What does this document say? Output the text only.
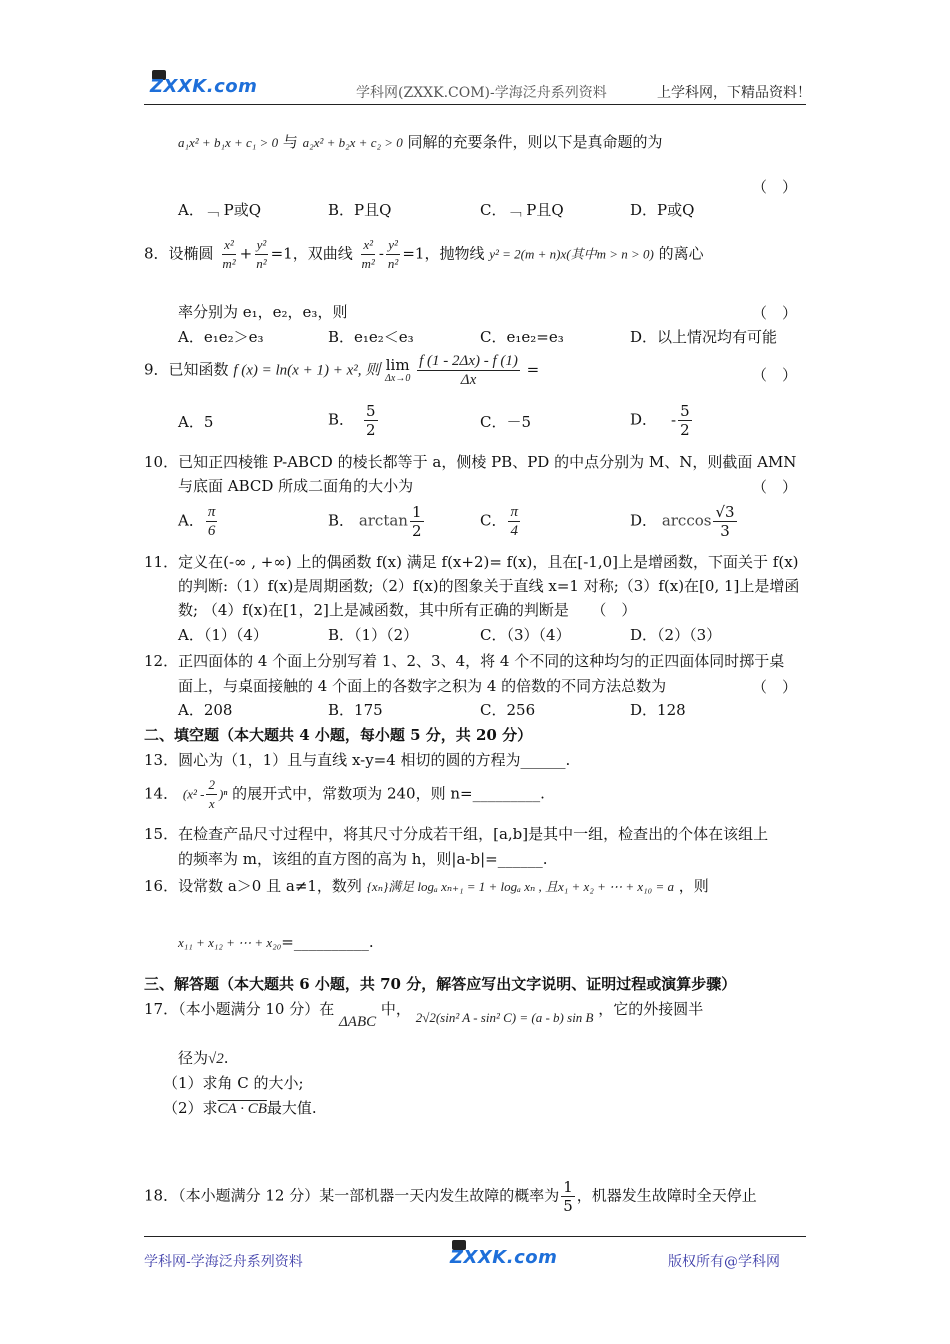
ZXXK.com	学科网(ZXXK.COM)-学海泛舟系列资料	上学科网，下精品资料！
a₁x² + b₁x + c₁ > 0 与 a₂x² + b₂x + c₂ > 0 同解的充要条件，则以下是真命题的为
（　）
A．﹁ P或Q	B．P且Q	C．﹁ P且Q	D．P或Q
8．设椭圆 $\frac{\text{x²}}{\text{m²}} + \frac{\text{y²}}{\text{n²}} =1$，双曲线 $\frac{\text{x²}}{\text{m²}} - \frac{\text{y²}}{\text{n²}} =1$，抛物线 y² = 2(m + n)x(其中m > n > 0) 的离心
率分别为 e₁，e₂，e₃，则	（　）
A．e₁e₂＞e₃	B．e₁e₂＜e₃	C．e₁e₂=e₃	D．以上情况均有可能
9．已知函数 f (x) = ln(x + 1) + x², 则 lim
Δx→0
$\frac{f (1 - 2\Delta x) - f (1)}{\Delta x}$ =	（　）
A．5	B． $\frac{5}{2}$	C．－5	D． - $\frac{5}{2}$
10．已知正四棱锥 P-ABCD 的棱长都等于 a，侧棱 PB、PD 的中点分别为 M、N，则截面 AMN
与底面 ABCD 所成二面角的大小为	（　）
A． $\frac{\pi}{6}$	B． $\arctan \frac{1}{2}$	C． $\frac{\pi}{4}$	D． $\arccos \frac{√3}{3}$
11．定义在(-∞ , +∞) 上的偶函数 f(x) 满足 f(x+2)= f(x)，且在[-1,0]上是增函数，下面关于 f(x)
的判断:（1）f(x)是周期函数;（2）f(x)的图象关于直线 x=1 对称;（3）f(x)在[0, 1]上是增函
数; （4）f(x)在[1，2]上是减函数，其中所有正确的判断是　　（　）
A．（1）（4）	B．（1）（2）	C．（3）（4）	D．（2）（3）
12．正四面体的 4 个面上分别写着 1、2、3、4，将 4 个不同的这种均匀的正四面体同时掷于桌
面上，与桌面接触的 4 个面上的各数字之积为 4 的倍数的不同方法总数为	（　）
A．208	B．175	C．256	D．128
二、填空题（本大题共 4 小题，每小题 5 分，共 20 分）
13．圆心为（1，1）且与直线 x-y=4 相切的圆的方程为______.
14． $(x^2 - \frac{2}{x} )^n$ 的展开式中，常数项为 240，则 n=_________.
15．在检查产品尺寸过程中，将其尺寸分成若干组，[a,b]是其中一组，检查出的个体在该组上
的频率为 m，该组的直方图的高为 h，则|a-b|=______.
16．设常数 a＞0 且 a≠1，数列 {xₙ}满足 logₐ xₙ₊₁ = 1 + logₐ xₙ , 且x₁ + x₂ + ⋯ + x₁₀ = a ，则
x₁₁ + x₁₂ + ⋯ + x₂₀=__________.
三、解答题（本大题共 6 小题，共 70 分，解答应写出文字说明、证明过程或演算步骤）
17．（本小题满分 10 分）在 ΔABC 中， 2√2(sin² A - sin² C) = (a - b) sin B ，它的外接圆半
径为√2.
（1）求角 C 的大小;
（2）求CA · CB最大值.
18．（本小题满分 12 分）某一部机器一天内发生故障的概率为 $\frac{1}{5}$ ，机器发生故障时全天停止
学科网-学海泛舟系列资料	ZXXK.com	版权所有@学科网
